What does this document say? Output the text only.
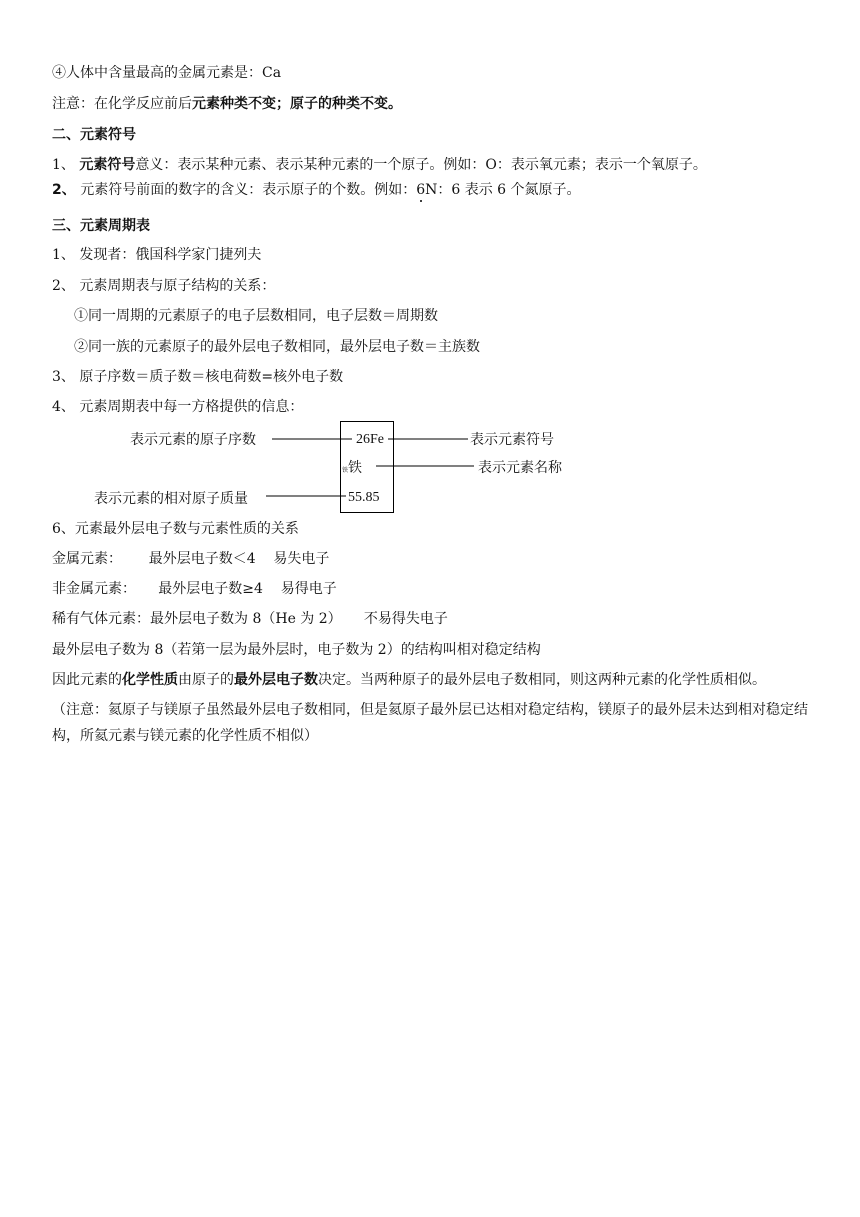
④人体中含量最高的金属元素是：Ca
注意：在化学反应前后元素种类不变；原子的种类不变。
二、元素符号
1、 元素符号意义：表示某种元素、表示某种元素的一个原子。例如：O：表示氧元素；表示一个氧原子。
2、 元素符号前面的数字的含义：表示原子的个数。例如：6N：6 表示 6 个氮原子。
三、元素周期表
1、 发现者：俄国科学家门捷列夫
2、 元素周期表与原子结构的关系：
①同一周期的元素原子的电子层数相同，电子层数＝周期数
②同一族的元素原子的最外层电子数相同，最外层电子数＝主族数
3、 原子序数＝质子数＝核电荷数=核外电子数
4、 元素周期表中每一方格提供的信息：
26Fe
铁铁
55.85
表示元素的原子序数	表示元素符号
表示元素名称
表示元素的相对原子质量
6、元素最外层电子数与元素性质的关系
金属元素：      最外层电子数＜4    易失电子
非金属元素：     最外层电子数≥4    易得电子
稀有气体元素：最外层电子数为 8（He 为 2）     不易得失电子
最外层电子数为 8（若第一层为最外层时，电子数为 2）的结构叫相对稳定结构
因此元素的化学性质由原子的最外层电子数决定。当两种原子的最外层电子数相同，则这两种元素的化学性质相似。
（注意：氦原子与镁原子虽然最外层电子数相同，但是氦原子最外层已达相对稳定结构，镁原子的最外层未达到相对稳定结构，所氦元素与镁元素的化学性质不相似）
